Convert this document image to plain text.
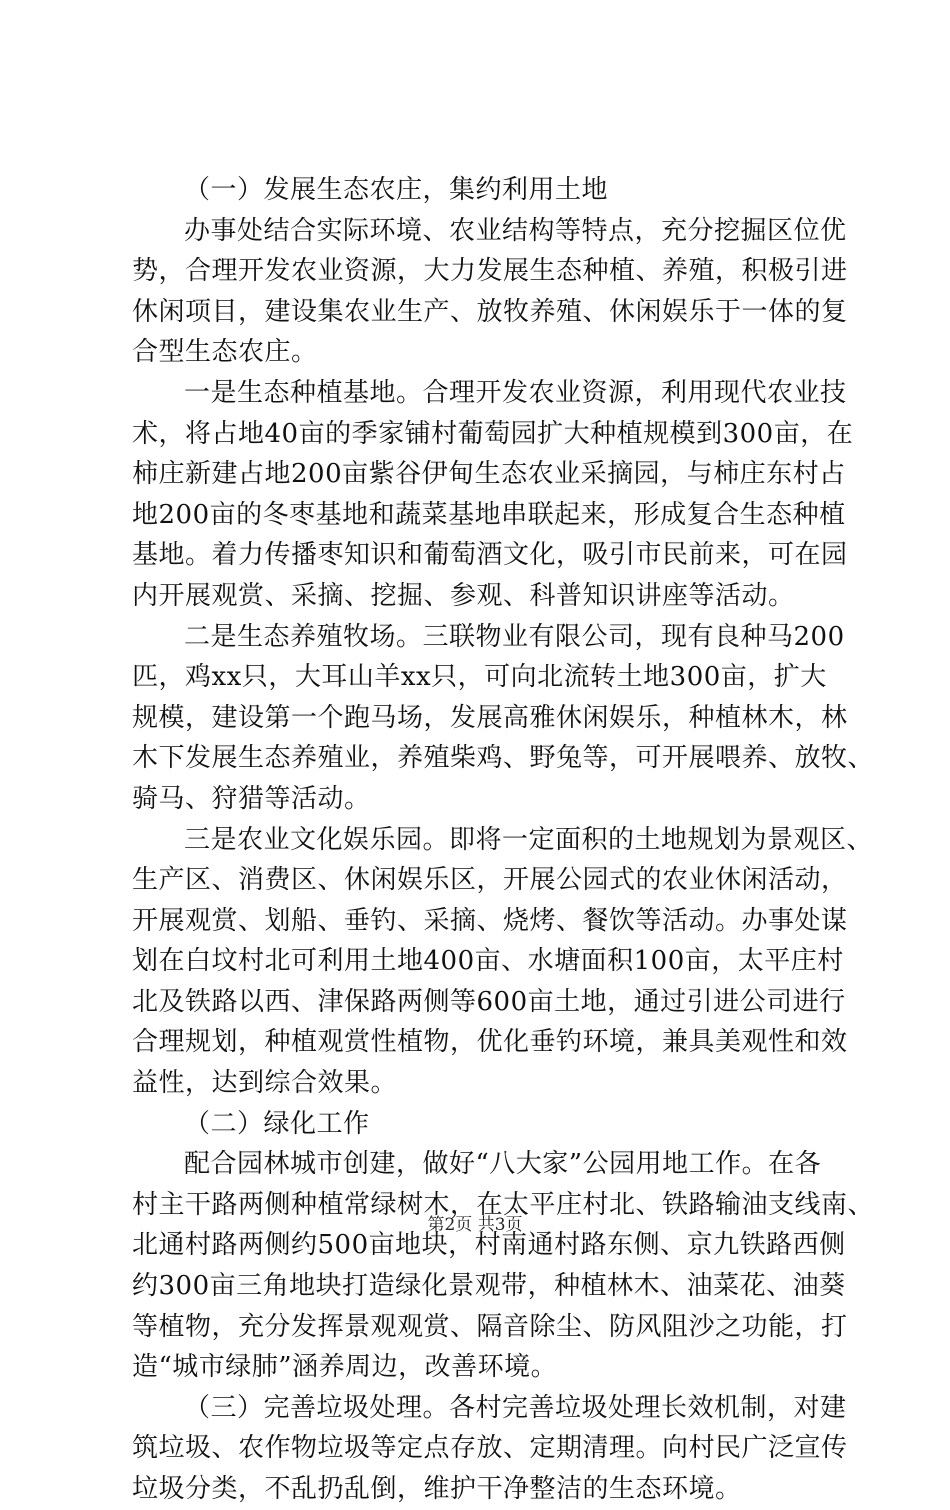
（一）发展生态农庄，集约利用土地
办事处结合实际环境、农业结构等特点，充分挖掘区位优
势，合理开发农业资源，大力发展生态种植、养殖，积极引进
休闲项目，建设集农业生产、放牧养殖、休闲娱乐于一体的复
合型生态农庄。
一是生态种植基地。合理开发农业资源，利用现代农业技
术，将占地40亩的季家铺村葡萄园扩大种植规模到300亩，在
柿庄新建占地200亩紫谷伊甸生态农业采摘园，与柿庄东村占
地200亩的冬枣基地和蔬菜基地串联起来，形成复合生态种植
基地。着力传播枣知识和葡萄酒文化，吸引市民前来，可在园
内开展观赏、采摘、挖掘、参观、科普知识讲座等活动。
二是生态养殖牧场。三联物业有限公司，现有良种马200
匹，鸡xx只，大耳山羊xx只，可向北流转土地300亩，扩大
规模，建设第一个跑马场，发展高雅休闲娱乐，种植林木，林
木下发展生态养殖业，养殖柴鸡、野兔等，可开展喂养、放牧、
骑马、狩猎等活动。
三是农业文化娱乐园。即将一定面积的土地规划为景观区、
生产区、消费区、休闲娱乐区，开展公园式的农业休闲活动，
开展观赏、划船、垂钓、采摘、烧烤、餐饮等活动。办事处谋
划在白坟村北可利用土地400亩、水塘面积100亩，太平庄村
北及铁路以西、津保路两侧等600亩土地，通过引进公司进行
合理规划，种植观赏性植物，优化垂钓环境，兼具美观性和效
益性，达到综合效果。
（二）绿化工作
配合园林城市创建，做好“八大家”公园用地工作。在各
村主干路两侧种植常绿树木，在太平庄村北、铁路输油支线南、
北通村路两侧约500亩地块，村南通村路东侧、京九铁路西侧
约300亩三角地块打造绿化景观带，种植林木、油菜花、油葵
等植物，充分发挥景观观赏、隔音除尘、防风阻沙之功能，打
造“城市绿肺”涵养周边，改善环境。
（三）完善垃圾处理。各村完善垃圾处理长效机制，对建
筑垃圾、农作物垃圾等定点存放、定期清理。向村民广泛宣传
垃圾分类，不乱扔乱倒，维护干净整洁的生态环境。
第2页 共3页
